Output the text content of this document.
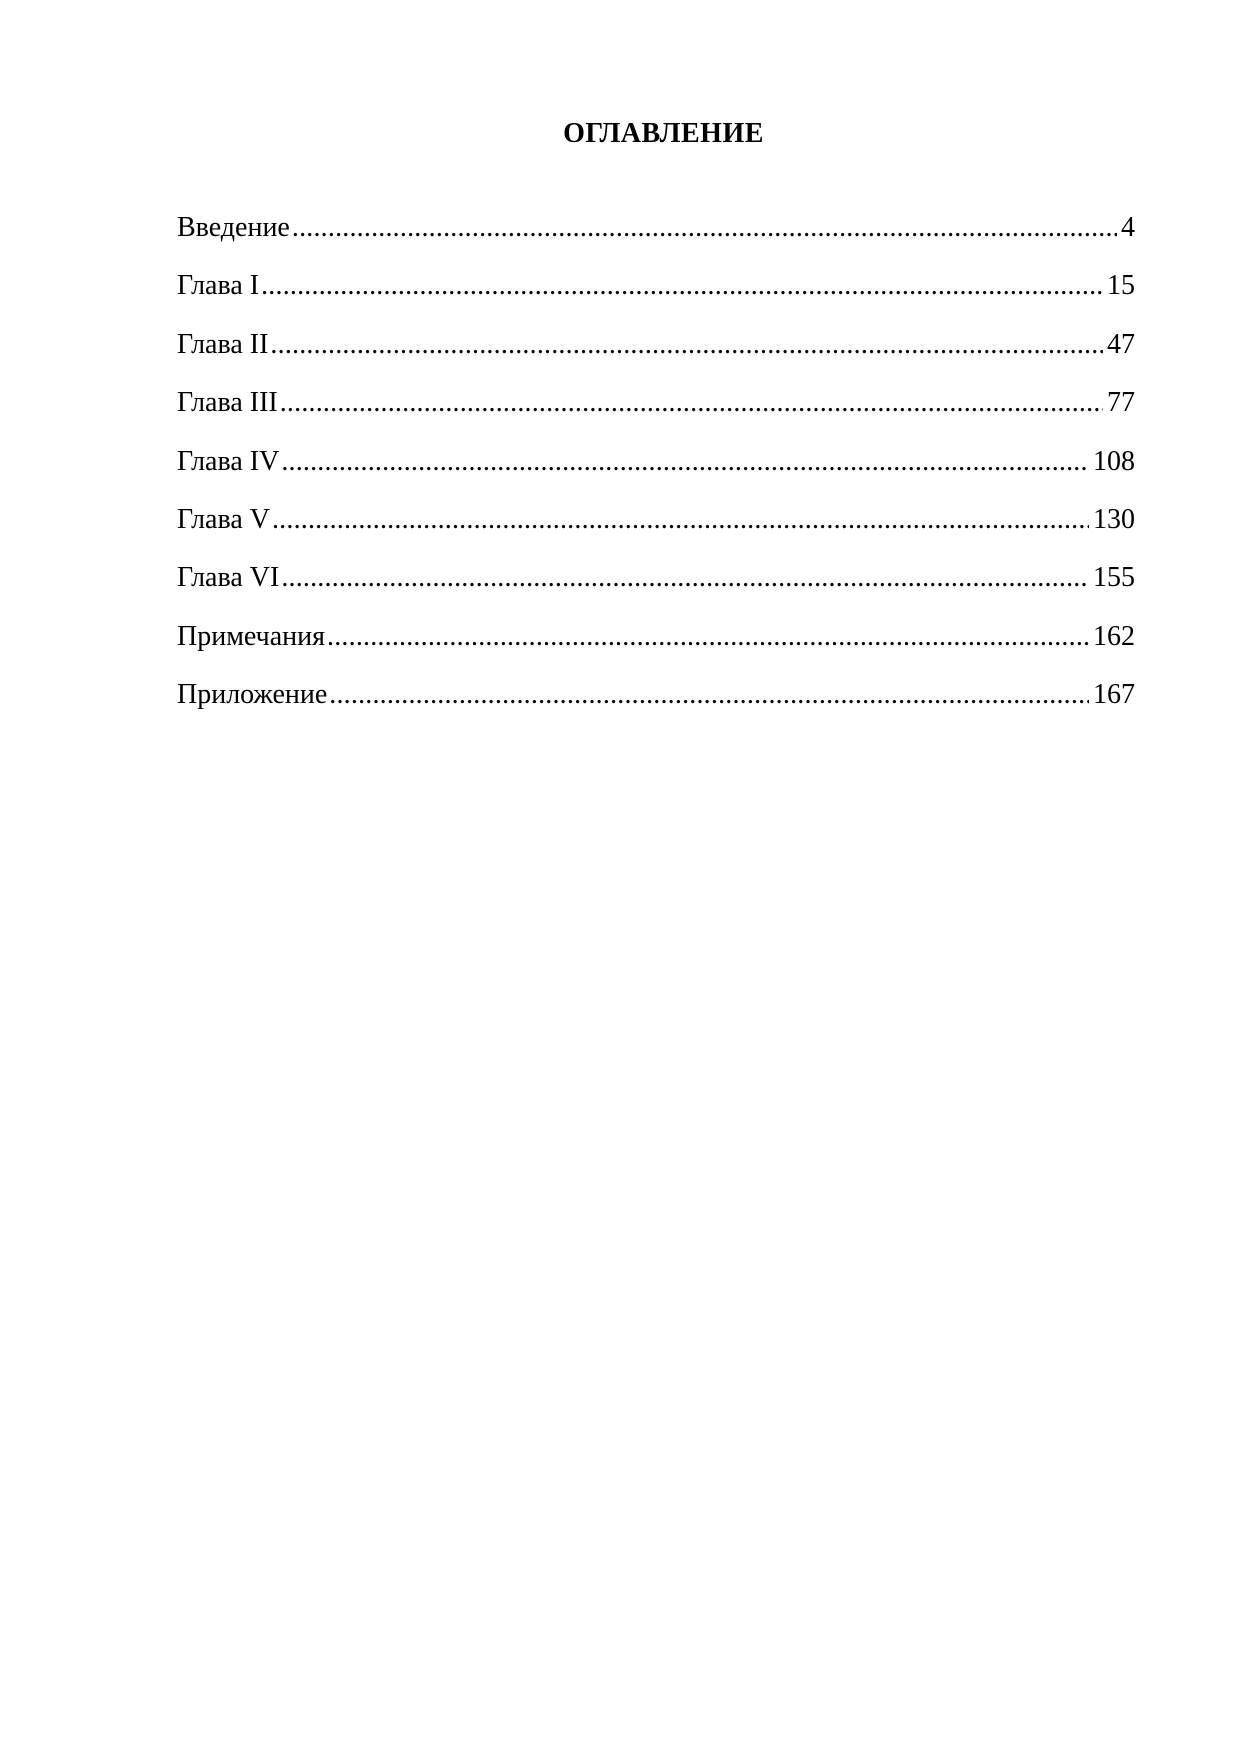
ОГЛАВЛЕНИЕ
Введение .....	4
Глава I .....	15
Глава II .....	47
Глава III .....	77
Глава IV .....	108
Глава V .....	130
Глава VI .....	155
Примечания .....	162
Приложение .....	167
